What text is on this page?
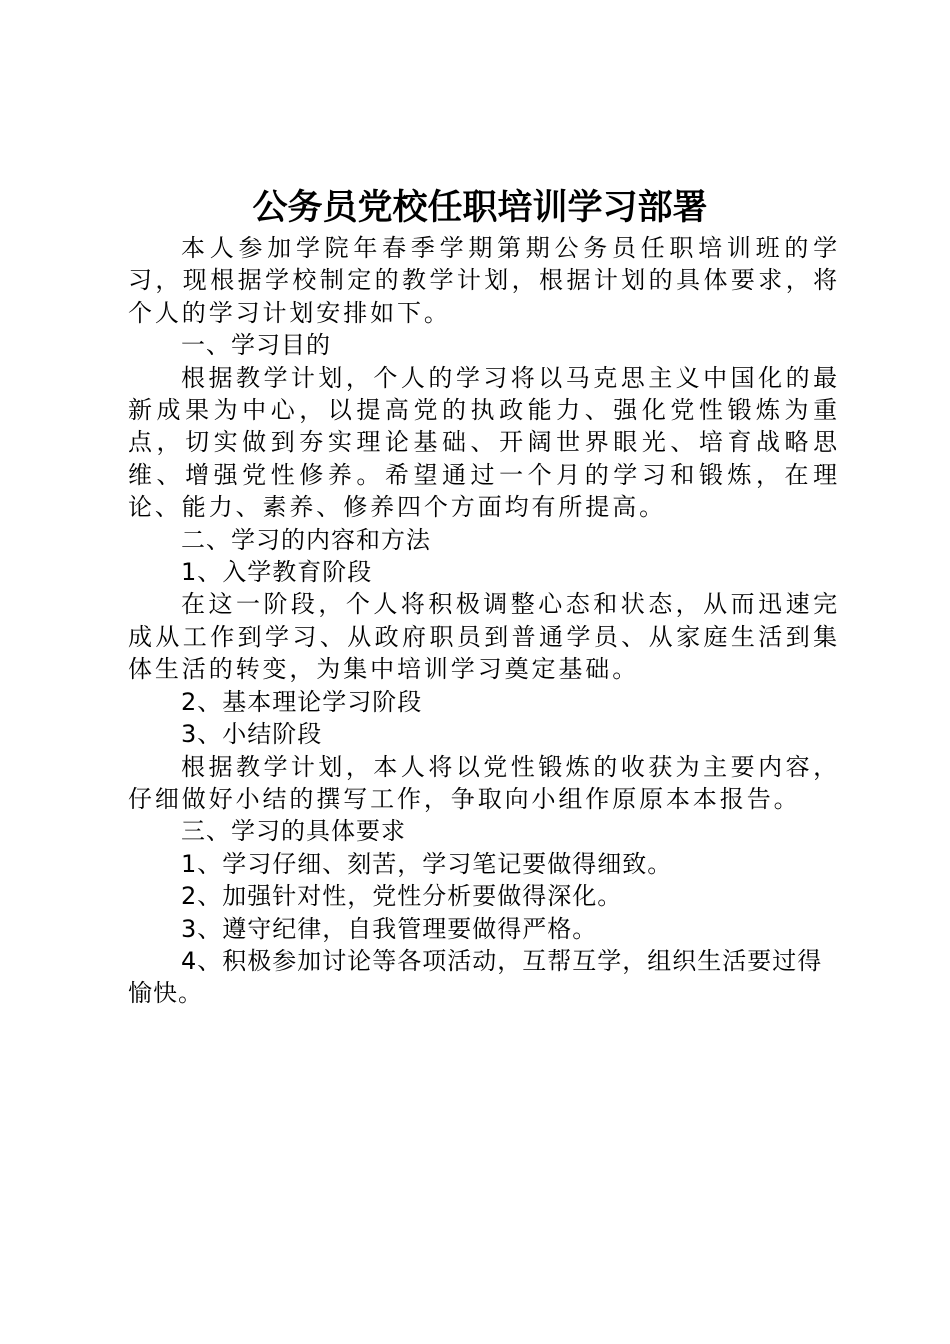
公务员党校任职培训学习部署

本人参加学院年春季学期第期公务员任职培训班的学习，现根据学校制定的教学计划，根据计划的具体要求，将个人的学习计划安排如下。

一、学习目的

根据教学计划，个人的学习将以马克思主义中国化的最新成果为中心，以提高党的执政能力、强化党性锻炼为重点，切实做到夯实理论基础、开阔世界眼光、培育战略思维、增强党性修养。希望通过一个月的学习和锻炼，在理论、能力、素养、修养四个方面均有所提高。

二、学习的内容和方法

1、入学教育阶段

在这一阶段，个人将积极调整心态和状态，从而迅速完成从工作到学习、从政府职员到普通学员、从家庭生活到集体生活的转变，为集中培训学习奠定基础。

2、基本理论学习阶段

3、小结阶段

根据教学计划，本人将以党性锻炼的收获为主要内容，仔细做好小结的撰写工作，争取向小组作原原本本报告。

三、学习的具体要求

1、学习仔细、刻苦，学习笔记要做得细致。

2、加强针对性，党性分析要做得深化。

3、遵守纪律，自我管理要做得严格。

4、积极参加讨论等各项活动，互帮互学，组织生活要过得愉快。
